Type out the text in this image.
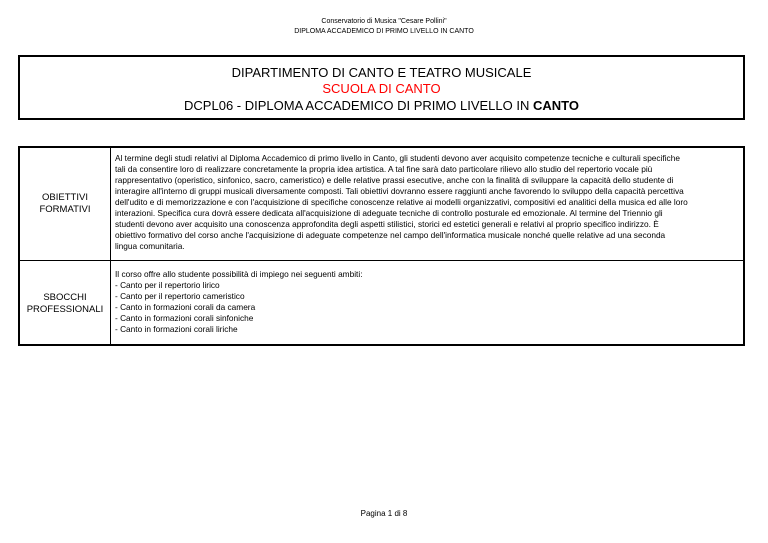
Conservatorio di Musica "Cesare Pollini"
DIPLOMA ACCADEMICO DI PRIMO LIVELLO IN CANTO
DIPARTIMENTO DI CANTO E TEATRO MUSICALE
SCUOLA DI CANTO
DCPL06 - DIPLOMA ACCADEMICO DI PRIMO LIVELLO IN CANTO
OBIETTIVI
FORMATIVI
Al termine degli studi relativi al Diploma Accademico di primo livello in Canto, gli studenti devono aver acquisito competenze tecniche e culturali specifiche
tali da consentire loro di realizzare concretamente la propria idea artistica. A tal fine sarà dato particolare rilievo allo studio del repertorio vocale più
rappresentativo (operistico, sinfonico, sacro, cameristico) e delle relative prassi esecutive, anche con la finalità di sviluppare la capacità dello studente di
interagire all'interno di gruppi musicali diversamente composti. Tali obiettivi dovranno essere raggiunti anche favorendo lo sviluppo della capacità percettiva
dell'udito e di memorizzazione e con l'acquisizione di specifiche conoscenze relative ai modelli organizzativi, compositivi ed analitici della musica ed alle loro
interazioni. Specifica cura dovrà essere dedicata all'acquisizione di adeguate tecniche di controllo posturale ed emozionale. Al termine del Triennio gli
studenti devono aver acquisito una conoscenza approfondita degli aspetti stilistici, storici ed estetici generali e relativi al proprio specifico indirizzo. È
obiettivo formativo del corso anche l'acquisizione di adeguate competenze nel campo dell'informatica musicale nonché quelle relative ad una seconda
lingua comunitaria.
SBOCCHI
PROFESSIONALI
Il corso offre allo studente possibilità di impiego nei seguenti ambiti:
- Canto per il repertorio lirico
- Canto per il repertorio cameristico
- Canto in formazioni corali da camera
- Canto in formazioni corali sinfoniche
- Canto in formazioni corali liriche
Pagina 1 di 8
